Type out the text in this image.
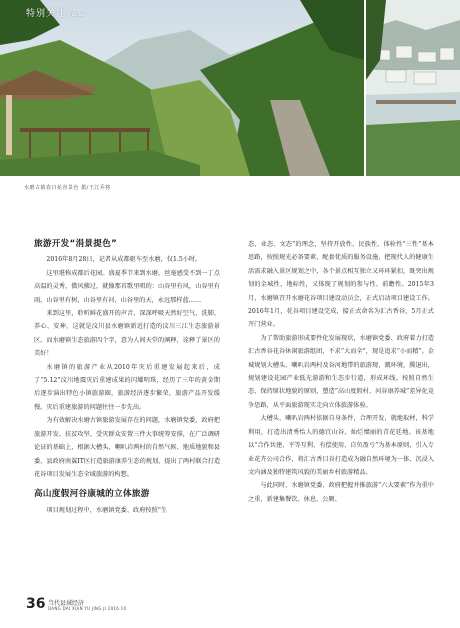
特别关注 Focus
水磨古镇春日花谷景色 摄/王江乔将
旅游开发“涓景提色”

2016年8月28日，记者从成都驱车至水磨，仅1.5小时。

这里堪称成都后花园。盛夏季节来到水磨，丝毫感受不到一丁点高温的灵秀，微风拂过，就像那首歌里唱的：山谷里有风，山谷里有雨，山谷里有树，山谷里有河，山谷里的天，永远那样蓝……

来到这里，聆听鲜花盛开的声音，深深呼吸天然好空气，洗肺、养心、安神，这就是汶川县水磨镇新近打造的汶川三江生态旅游景区。而水磨镇生态旅游四个字，意为人间天堂的阐释，诠释了景区的美好！

水磨镇的旅游产业从2010年灾后重建发展起来后，成了“5.12”汶川地震灾后重建成果的闪耀明珠，经历了三年的黄金期后逐步演出特色小镇旅游圈，旅游经济逐步繁荣，旅游产品开发缓慢。灾后重建旅游的问题往往一步先出。

为有效解决水磨古镇旅游发展存在的问题，水磨镇党委、政府把旅游开发、扶贫攻坚、受灾群众安置三件大事统筹安排，在广泛调研论证的基础上，根据大槽头、喇叭岩两村的自然气候、地质地貌和县委、县政府南翼IT区打造旅游康养生态的规划，提出了两村联合打造花谷项目发展生态全域旅游的构想。

高山度假河谷康城的立体旅游

项目规划过程中，水磨镇党委、政府按照“生

态、业态、文态”的理念，坚持开放性、民族性、体验性“三性”基本思路，按照规光必备要素，配套优质的服务设施，把现代人的健康生活需求融入景区规划之中，各个景点相互独立又环环紧扣，既突出规划的金城性、地标性，又体现了规划的参与性、前瞻性。2015年3月，水磨镇召开水磨花谷项目建设动员会，正式启动项目建设工作。2016年1月，花谷项目建设完成，接正式命名为汇古香谷，5月正式开门营业。

为了帮助旅游形成要件化发展现状，水磨镇党委、政府着力打造汇古香谷花谷休闲旅游组团，不求“大而全”，现是追求“小而精”。金城规划大槽头、喇叭岩两村及谷河地带的旅游现、溉环境，腾退出，规划建设花园产业低光游游和生态步行道，形成环线。按照自然生态、保持原状地貌的原则，塑造“高山度假村、河谷康养城”差异化竞争思路，从平面旅游现实走向立体旅游体验。

大槽头、喇叭岩两村依据自身条件，合理开发，就地取材，科学利用，打造出清秀怡人的德宜山谷，灿烂糜丽的青花廷地。该基地以“合作共建、平等互利、有偿使用、自负盈亏”为基本原则，引入专业花卉公司合作，将汇古香目谷打造成为融自然环境为一体、沉浸入文内涵及独特建筑风貌的美丽乡村旅游精品。

与此同时，水磨镇党委、政府把握并推旅游“六大要素”作为重中之重，新建集餐饮、休息、公厕、

36 当代县域经济
DANG DAI XIAN YU JING JI 2016.10
